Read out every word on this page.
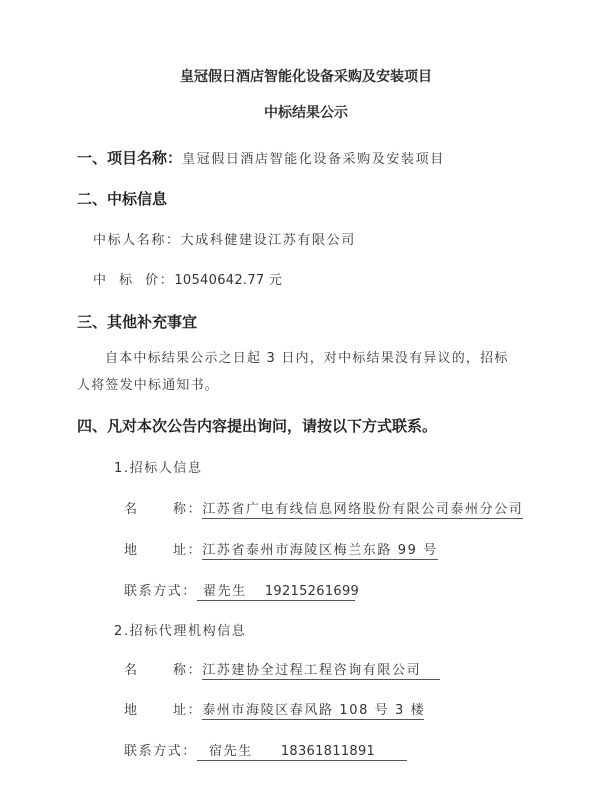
皇冠假日酒店智能化设备采购及安装项目
中标结果公示
一、项目名称：皇冠假日酒店智能化设备采购及安装项目
二、中标信息
中标人名称：大成科健建设江苏有限公司
中  标  价：10540642.77 元
三、其他补充事宜
自本中标结果公示之日起 3 日内，对中标结果没有异议的，招标人将签发中标通知书。
四、凡对本次公告内容提出询问，请按以下方式联系。
1.招标人信息
名      称：江苏省广电有线信息网络股份有限公司泰州分公司
地      址：江苏省泰州市海陵区梅兰东路 99 号
联系方式： 翟先生 19215261699
2.招标代理机构信息
名      称：江苏建协全过程工程咨询有限公司
地      址：泰州市海陵区春风路 108 号 3 楼
联系方式： 宿先生 18361811891
